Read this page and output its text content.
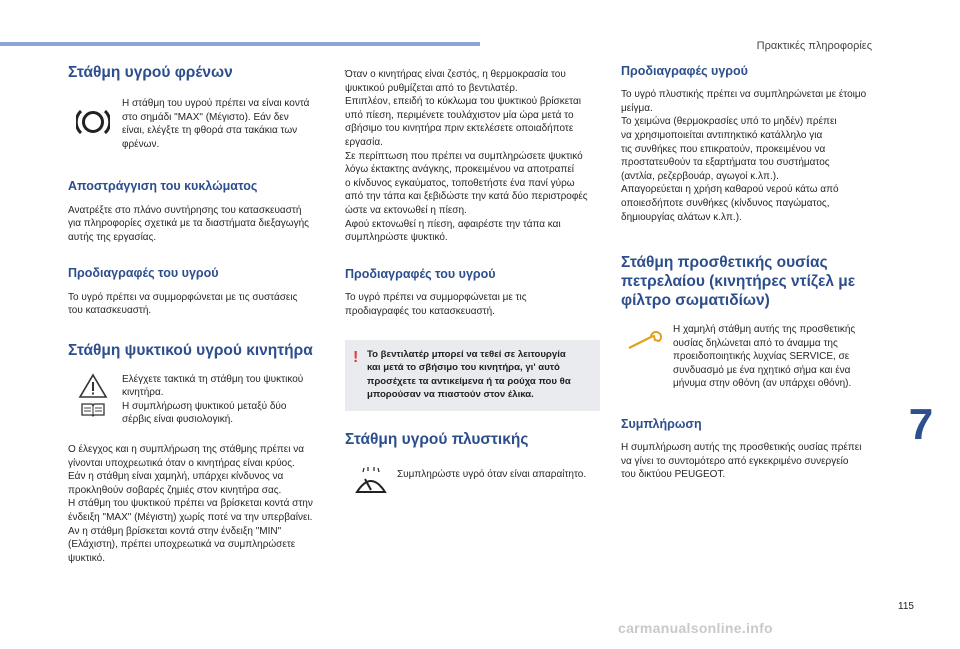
Πρακτικές πληροφορίες
7
115
carmanualsonline.info
Στάθμη υγρού φρένων

Η στάθμη του υγρού πρέπει να είναι κοντά
στο σημάδι "MAX" (Μέγιστο). Εάν δεν
είναι, ελέγξτε τη φθορά στα τακάκια των
φρένων.

Αποστράγγιση του κυκλώματος

Ανατρέξτε στο πλάνο συντήρησης του κατασκευαστή
για πληροφορίες σχετικά με τα διαστήματα διεξαγωγής
αυτής της εργασίας.

Προδιαγραφές του υγρού

Το υγρό πρέπει να συμμορφώνεται με τις συστάσεις
του κατασκευαστή.

Στάθμη ψυκτικού υγρού κινητήρα

Ελέγχετε τακτικά τη στάθμη του ψυκτικού
κινητήρα.
Η συμπλήρωση ψυκτικού μεταξύ δύο
σέρβις είναι φυσιολογική.

Ο έλεγχος και η συμπλήρωση της στάθμης πρέπει να
γίνονται υποχρεωτικά όταν ο κινητήρας είναι κρύος.
Εάν η στάθμη είναι χαμηλή, υπάρχει κίνδυνος να
προκληθούν σοβαρές ζημιές στον κινητήρα σας.
Η στάθμη του ψυκτικού πρέπει να βρίσκεται κοντά στην
ένδειξη "MAX" (Μέγιστη) χωρίς ποτέ να την υπερβαίνει.
Αν η στάθμη βρίσκεται κοντά στην ένδειξη "MIN"
(Ελάχιστη), πρέπει υποχρεωτικά να συμπληρώσετε
ψυκτικό.

Όταν ο κινητήρας είναι ζεστός, η θερμοκρασία του
ψυκτικού ρυθμίζεται από το βεντιλατέρ.
Επιπλέον, επειδή το κύκλωμα του ψυκτικού βρίσκεται
υπό πίεση, περιμένετε τουλάχιστον μία ώρα μετά το
σβήσιμο του κινητήρα πριν εκτελέσετε οποιαδήποτε
εργασία.
Σε περίπτωση που πρέπει να συμπληρώσετε ψυκτικό
λόγω έκτακτης ανάγκης, προκειμένου να αποτραπεί
ο κίνδυνος εγκαύματος, τοποθετήστε ένα πανί γύρω
από την τάπα και ξεβιδώστε την κατά δύο περιστροφές
ώστε να εκτονωθεί η πίεση.
Αφού εκτονωθεί η πίεση, αφαιρέστε την τάπα και
συμπληρώστε ψυκτικό.

Προδιαγραφές του υγρού

Το υγρό πρέπει να συμμορφώνεται με τις
προδιαγραφές του κατασκευαστή.

! Το βεντιλατέρ μπορεί να τεθεί σε λειτουργία
και μετά το σβήσιμο του κινητήρα, γι' αυτό
προσέχετε τα αντικείμενα ή τα ρούχα που θα
μπορούσαν να πιαστούν στον έλικα.

Στάθμη υγρού πλυστικής

Συμπληρώστε υγρό όταν είναι απαραίτητο.

Προδιαγραφές υγρού

Το υγρό πλυστικής πρέπει να συμπληρώνεται με έτοιμο
μείγμα.
Το χειμώνα (θερμοκρασίες υπό το μηδέν) πρέπει
να χρησιμοποιείται αντιπηκτικό κατάλληλο για
τις συνθήκες που επικρατούν, προκειμένου να
προστατευθούν τα εξαρτήματα του συστήματος
(αντλία, ρεζερβουάρ, αγωγοί κ.λπ.).
Απαγορεύεται η χρήση καθαρού νερού κάτω από
οποιεσδήποτε συνθήκες (κίνδυνος παγώματος,
δημιουργίας αλάτων κ.λπ.).

Στάθμη προσθετικής ουσίας πετρελαίου (κινητήρες ντίζελ με φίλτρο σωματιδίων)

Η χαμηλή στάθμη αυτής της προσθετικής
ουσίας δηλώνεται από το άναμμα της
προειδοποιητικής λυχνίας SERVICE, σε
συνδυασμό με ένα ηχητικό σήμα και ένα
μήνυμα στην οθόνη (αν υπάρχει οθόνη).

Συμπλήρωση

Η συμπλήρωση αυτής της προσθετικής ουσίας πρέπει
να γίνει το συντομότερο από εγκεκριμένο συνεργείο
του δικτύου PEUGEOT.
